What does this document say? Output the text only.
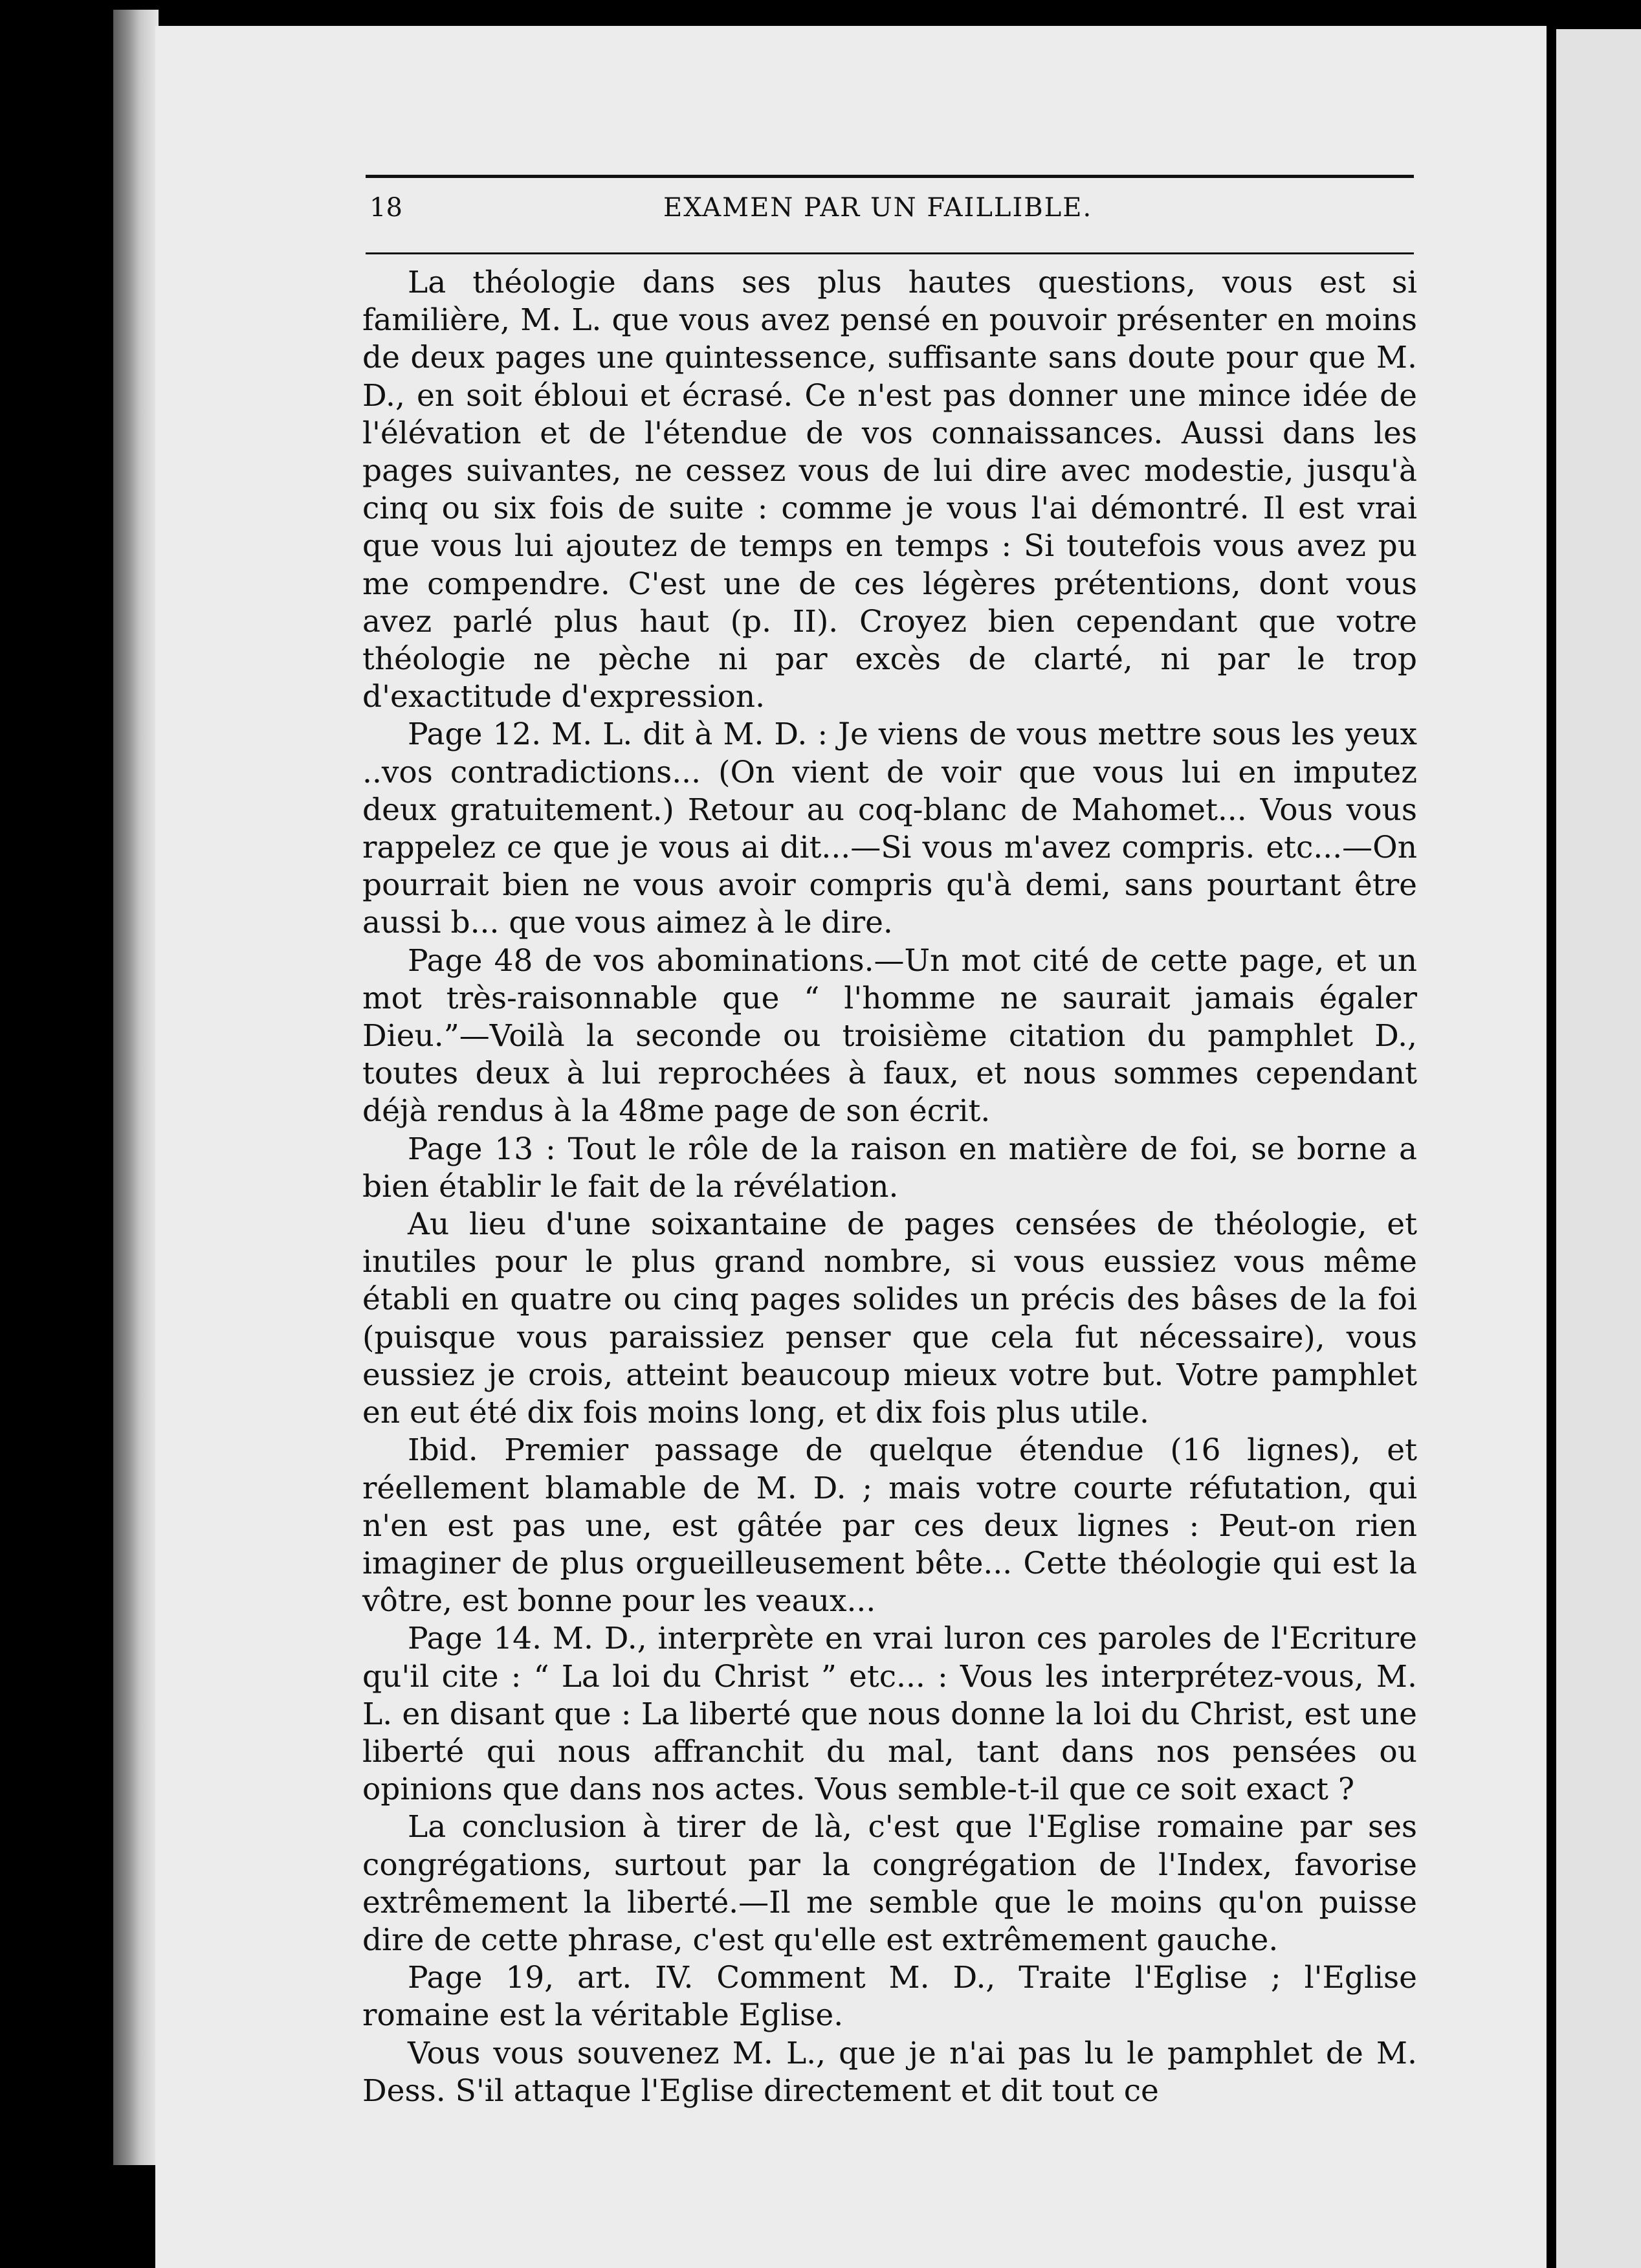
18	EXAMEN PAR UN FAILLIBLE.

La théologie dans ses plus hautes questions, vous est si familière, M. L. que vous avez pensé en pouvoir présenter en moins de deux pages une quintessence, suffisante sans doute pour que M. D., en soit ébloui et écrasé. Ce n'est pas donner une mince idée de l'élévation et de l'étendue de vos connaissances. Aussi dans les pages suivantes, ne cessez vous de lui dire avec modestie, jusqu'à cinq ou six fois de suite : comme je vous l'ai démontré. Il est vrai que vous lui ajoutez de temps en temps : Si toutefois vous avez pu me compendre. C'est une de ces légères prétentions, dont vous avez parlé plus haut (p. II). Croyez bien cependant que votre théologie ne pèche ni par excès de clarté, ni par le trop d'exactitude d'expression.

Page 12. M. L. dit à M. D. : Je viens de vous mettre sous les yeux ..vos contradictions... (On vient de voir que vous lui en imputez deux gratuitement.) Retour au coq-blanc de Mahomet... Vous vous rappelez ce que je vous ai dit...—Si vous m'avez compris. etc...—On pourrait bien ne vous avoir compris qu'à demi, sans pourtant être aussi b... que vous aimez à le dire.

Page 48 de vos abominations.—Un mot cité de cette page, et un mot très-raisonnable que “ l'homme ne saurait jamais égaler Dieu.”—Voilà la seconde ou troisième citation du pamphlet D., toutes deux à lui reprochées à faux, et nous sommes cependant déjà rendus à la 48me page de son écrit.

Page 13 : Tout le rôle de la raison en matière de foi, se borne a bien établir le fait de la révélation.

Au lieu d'une soixantaine de pages censées de théologie, et inutiles pour le plus grand nombre, si vous eussiez vous même établi en quatre ou cinq pages solides un précis des bâses de la foi (puisque vous paraissiez penser que cela fut nécessaire), vous eussiez je crois, atteint beaucoup mieux votre but. Votre pamphlet en eut été dix fois moins long, et dix fois plus utile.

Ibid. Premier passage de quelque étendue (16 lignes), et réellement blamable de M. D. ; mais votre courte réfutation, qui n'en est pas une, est gâtée par ces deux lignes : Peut-on rien imaginer de plus orgueilleusement bête... Cette théologie qui est la vôtre, est bonne pour les veaux...

Page 14. M. D., interprète en vrai luron ces paroles de l'Ecriture qu'il cite : “ La loi du Christ ” etc... : Vous les interprétez-vous, M. L. en disant que : La liberté que nous donne la loi du Christ, est une liberté qui nous affranchit du mal, tant dans nos pensées ou opinions que dans nos actes. Vous semble-t-il que ce soit exact ?

La conclusion à tirer de là, c'est que l'Eglise romaine par ses congrégations, surtout par la congrégation de l'Index, favorise extrêmement la liberté.—Il me semble que le moins qu'on puisse dire de cette phrase, c'est qu'elle est extrêmement gauche.

Page 19, art. IV. Comment M. D., Traite l'Eglise ; l'Eglise romaine est la véritable Eglise.

Vous vous souvenez M. L., que je n'ai pas lu le pamphlet de M. Dess. S'il attaque l'Eglise directement et dit tout ce
